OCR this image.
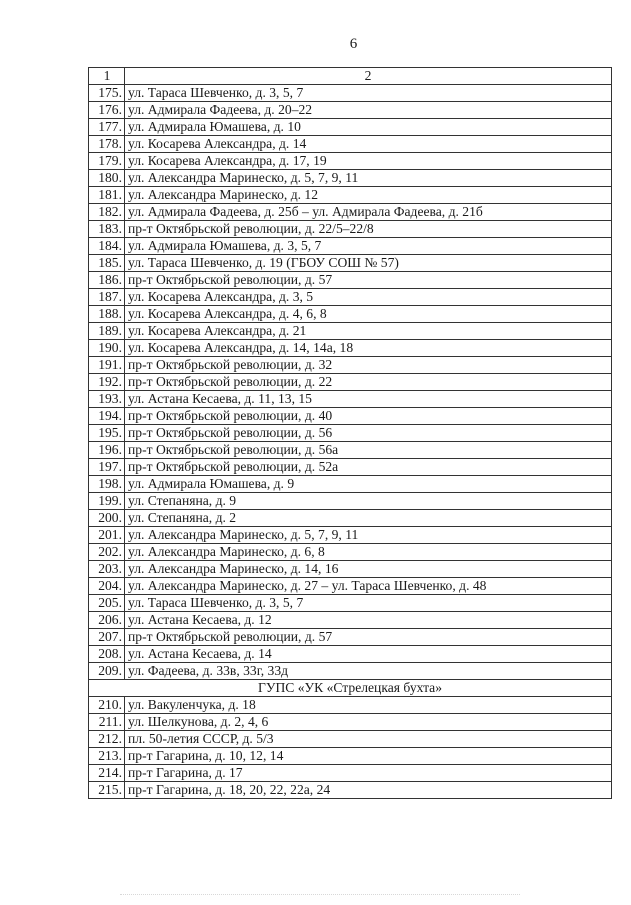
6
1	2
175.	ул. Тараса Шевченко, д. 3, 5, 7
176.	ул. Адмирала Фадеева, д. 20–22
177.	ул. Адмирала Юмашева, д. 10
178.	ул. Косарева Александра, д. 14
179.	ул. Косарева Александра, д. 17, 19
180.	ул. Александра Маринеско, д. 5, 7, 9, 11
181.	ул. Александра Маринеско, д. 12
182.	ул. Адмирала Фадеева, д. 25б – ул. Адмирала Фадеева, д. 21б
183.	пр-т Октябрьской революции, д. 22/5–22/8
184.	ул. Адмирала Юмашева, д. 3, 5, 7
185.	ул. Тараса Шевченко, д. 19 (ГБОУ СОШ № 57)
186.	пр-т Октябрьской революции, д. 57
187.	ул. Косарева Александра, д. 3, 5
188.	ул. Косарева Александра, д. 4, 6, 8
189.	ул. Косарева Александра, д. 21
190.	ул. Косарева Александра, д. 14, 14а, 18
191.	пр-т Октябрьской революции, д. 32
192.	пр-т Октябрьской революции, д. 22
193.	ул. Астана Кесаева, д. 11, 13, 15
194.	пр-т Октябрьской революции, д. 40
195.	пр-т Октябрьской революции, д. 56
196.	пр-т Октябрьской революции, д. 56а
197.	пр-т Октябрьской революции, д. 52а
198.	ул. Адмирала Юмашева, д. 9
199.	ул. Степаняна, д. 9
200.	ул. Степаняна, д. 2
201.	ул. Александра Маринеско, д. 5, 7, 9, 11
202.	ул. Александра Маринеско, д. 6, 8
203.	ул. Александра Маринеско, д. 14, 16
204.	ул. Александра Маринеско, д. 27 – ул. Тараса Шевченко, д. 48
205.	ул. Тараса Шевченко, д. 3, 5, 7
206.	ул. Астана Кесаева, д. 12
207.	пр-т Октябрьской революции, д. 57
208.	ул. Астана Кесаева, д. 14
209.	ул. Фадеева, д. 33в, 33г, 33д
ГУПС «УК «Стрелецкая бухта»	
210.	ул. Вакуленчука, д. 18
211.	ул. Шелкунова, д. 2, 4, 6
212.	пл. 50-летия СССР, д. 5/3
213.	пр-т Гагарина, д. 10, 12, 14
214.	пр-т Гагарина, д. 17
215.	пр-т Гагарина, д. 18, 20, 22, 22а, 24
